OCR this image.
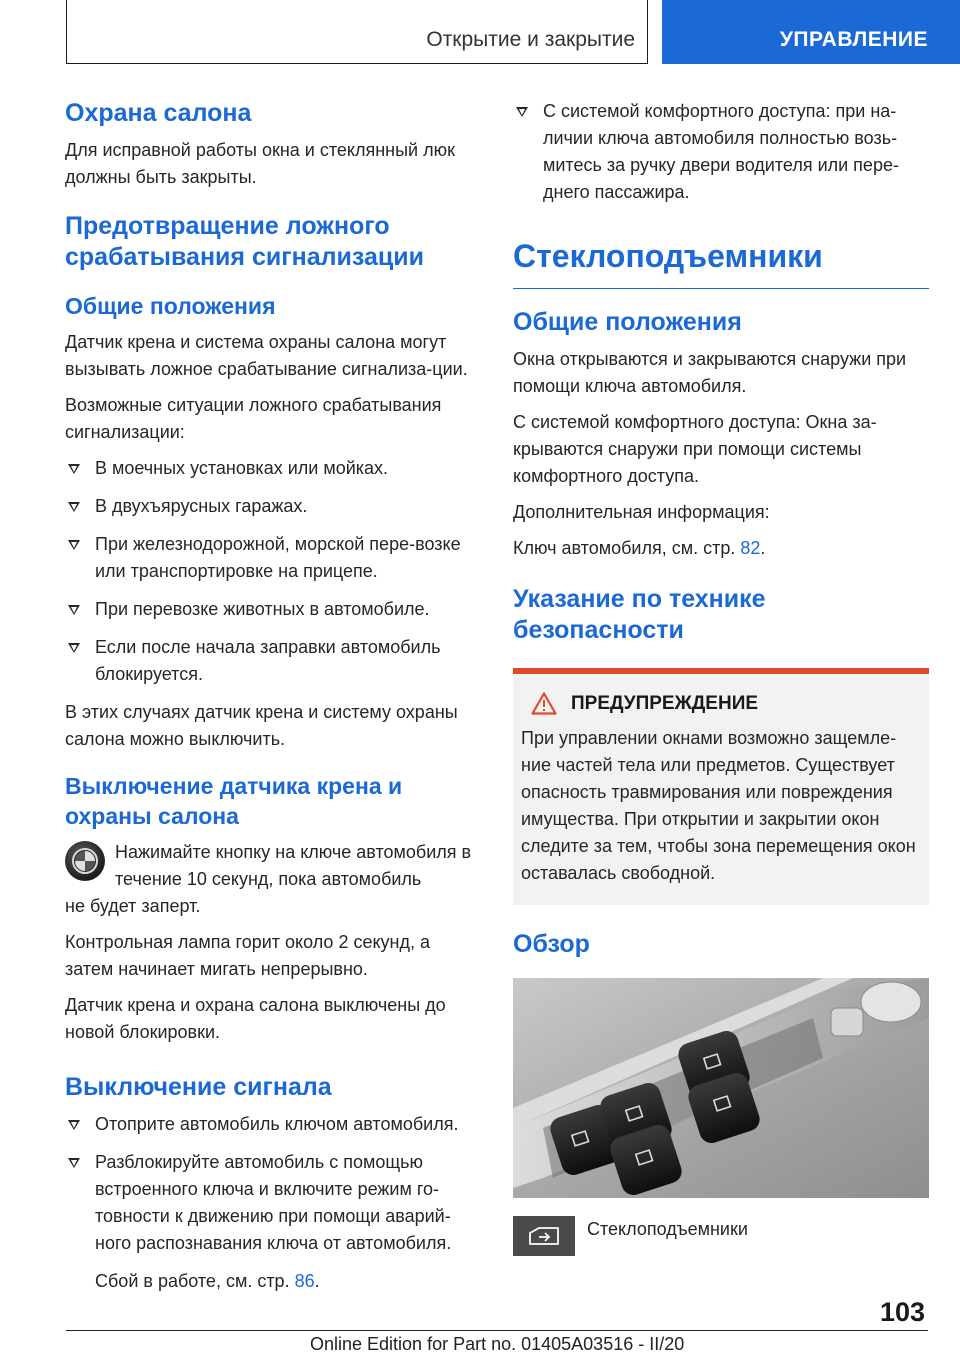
Открытие и закрытие	УПРАВЛЕНИЕ
Охрана салона
Для исправной работы окна и стеклянный люк должны быть закрыты.
Предотвращение ложного срабатывания сигнализации
Общие положения
Датчик крена и система охраны салона могут вызывать ложное срабатывание сигнализа-ции.
Возможные ситуации ложного срабатывания сигнализации:
В моечных установках или мойках.
В двухъярусных гаражах.
При железнодорожной, морской пере-возке или транспортировке на прицепе.
При перевозке животных в автомобиле.
Если после начала заправки автомобиль блокируется.
В этих случаях датчик крена и систему охраны салона можно выключить.
Выключение датчика крена и охраны салона
Нажимайте кнопку на ключе автомобиля в течение 10 секунд, пока автомобиль
не будет заперт.
Контрольная лампа горит около 2 секунд, а затем начинает мигать непрерывно.
Датчик крена и охрана салона выключены до новой блокировки.
Выключение сигнала
Отоприте автомобиль ключом автомобиля.
Разблокируйте автомобиль с помощью встроенного ключа и включите режим го-товности к движению при помощи аварий-ного распознавания ключа от автомобиля.
Сбой в работе, см. стр. 86.
С системой комфортного доступа: при на-личии ключа автомобиля полностью возь-митесь за ручку двери водителя или пере-днего пассажира.
Стеклоподъемники
Общие положения
Окна открываются и закрываются снаружи при помощи ключа автомобиля.
С системой комфортного доступа: Окна за-крываются снаружи при помощи системы комфортного доступа.
Дополнительная информация:
Ключ автомобиля, см. стр. 82.
Указание по технике безопасности
ПРЕДУПРЕЖДЕНИЕ
При управлении окнами возможно защемле-ние частей тела или предметов. Существует опасность травмирования или повреждения имущества. При открытии и закрытии окон следите за тем, чтобы зона перемещения окон оставалась свободной.
Обзор
Стеклоподъемники
103
Online Edition for Part no. 01405A03516 - II/20
